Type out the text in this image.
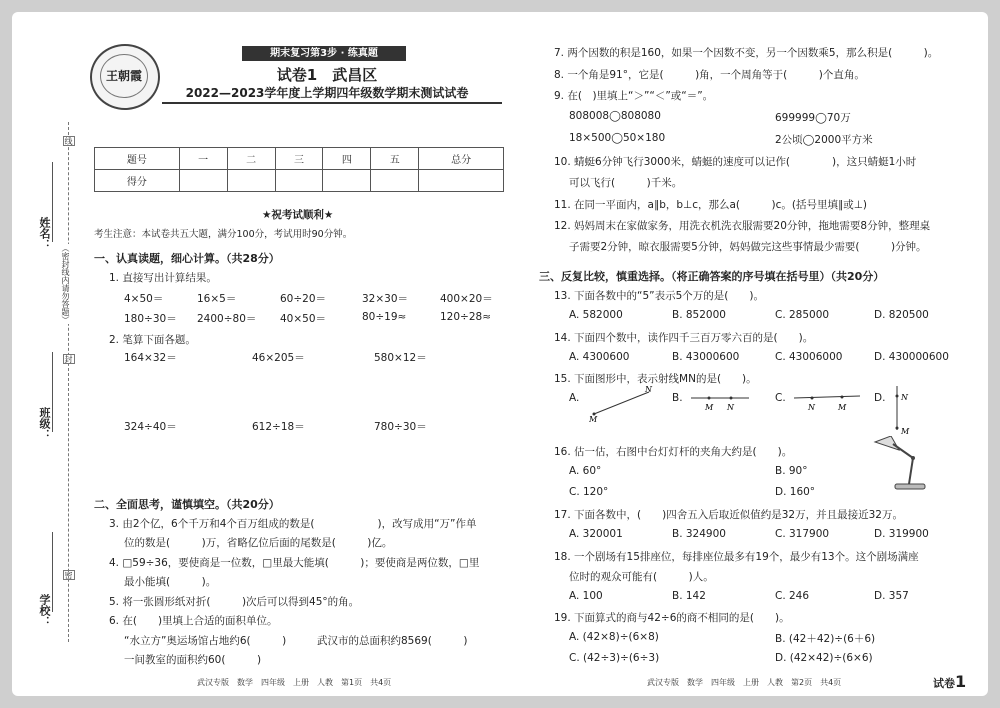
姓名：
班级：
学校：
线
封
密
（密封线内请勿答题）
王朝霞
期末复习第3步 · 练真题
试卷1　武昌区
2022—2023学年度上学期四年级数学期末测试试卷
题号	一	二	三	四	五	总分
得分						
★祝考试顺利★
考生注意：本试卷共五大题，满分100分，考试用时90分钟。
一、认真读题，细心计算。（共28分）
1. 直接写出计算结果。
4×50＝	16×5＝	60÷20＝	32×30＝	400×20＝
180÷30＝ 2400÷80＝ 40×50＝	80÷19≈	120÷28≈
2. 笔算下面各题。
164×32＝	46×205＝	580×12＝
324÷40＝	612÷18＝	780÷30＝
二、全面思考，谨慎填空。（共20分）
3. 由2个亿，6个千万和4个百万组成的数是(　　　　　　)，改写成用“万”作单
位的数是(　　　)万，省略亿位后面的尾数是(　　　)亿。
4. □59÷36，要使商是一位数，□里最大能填(　　　)；要使商是两位数，□里
最小能填(　　　)。
5. 将一张圆形纸对折(　　　)次后可以得到45°的角。
6. 在(　　)里填上合适的面积单位。
“水立方”奥运场馆占地约6(　　　)	武汉市的总面积约8569(　　　)
一间教室的面积约60(　　　)
武汉专版　数学　四年级　上册　人教　第1页　共4页
7. 两个因数的积是160，如果一个因数不变，另一个因数乘5，那么积是(　　　)。
8. 一个角是91°，它是(　　　)角，一个周角等于(　　　)个直角。
9. 在(　)里填上“＞”“＜”或“＝”。
808008◯808080	699999◯70万
18×500◯50×180	2公顷◯2000平方米
10. 蜻蜓6分钟飞行3000米，蜻蜓的速度可以记作(　　　　)，这只蜻蜓1小时
可以飞行(　　　)千米。
11. 在同一平面内，a∥b，b⊥c，那么a(　　　)c。(括号里填∥或⊥)
12. 妈妈周末在家做家务，用洗衣机洗衣服需要20分钟，拖地需要8分钟，整理桌
子需要2分钟，晾衣服需要5分钟，妈妈做完这些事情最少需要(　　　)分钟。
三、反复比较，慎重选择。（将正确答案的序号填在括号里）（共20分）
13. 下面各数中的“5”表示5个万的是(　　)。
A. 582000	B. 852000	C. 285000	D. 820500
14. 下面四个数中，读作四千三百万零六百的是(　　)。
A. 4300600	B. 43000600	C. 43006000	D. 430000600
15. 下面图形中，表示射线MN的是(　　)。
A.	B.	C.	D.
M
N
M N	N	M
N
M
16. 估一估，右图中台灯灯杆的夹角大约是(　　)。
A. 60°	B. 90°
C. 120°	D. 160°
17. 下面各数中，(　　)四舍五入后取近似值约是32万，并且最接近32万。
A. 320001	B. 324900	C. 317900	D. 319900
18. 一个剧场有15排座位，每排座位最多有19个，最少有13个。这个剧场满座
位时的观众可能有(　　　)人。
A. 100	B. 142	C. 246	D. 357
19. 下面算式的商与42÷6的商不相同的是(　　)。
A. (42×8)÷(6×8)	B. (42＋42)÷(6＋6)
C. (42÷3)÷(6÷3)	D. (42×42)÷(6×6)
武汉专版　数学　四年级　上册　人教　第2页　共4页	试卷1
